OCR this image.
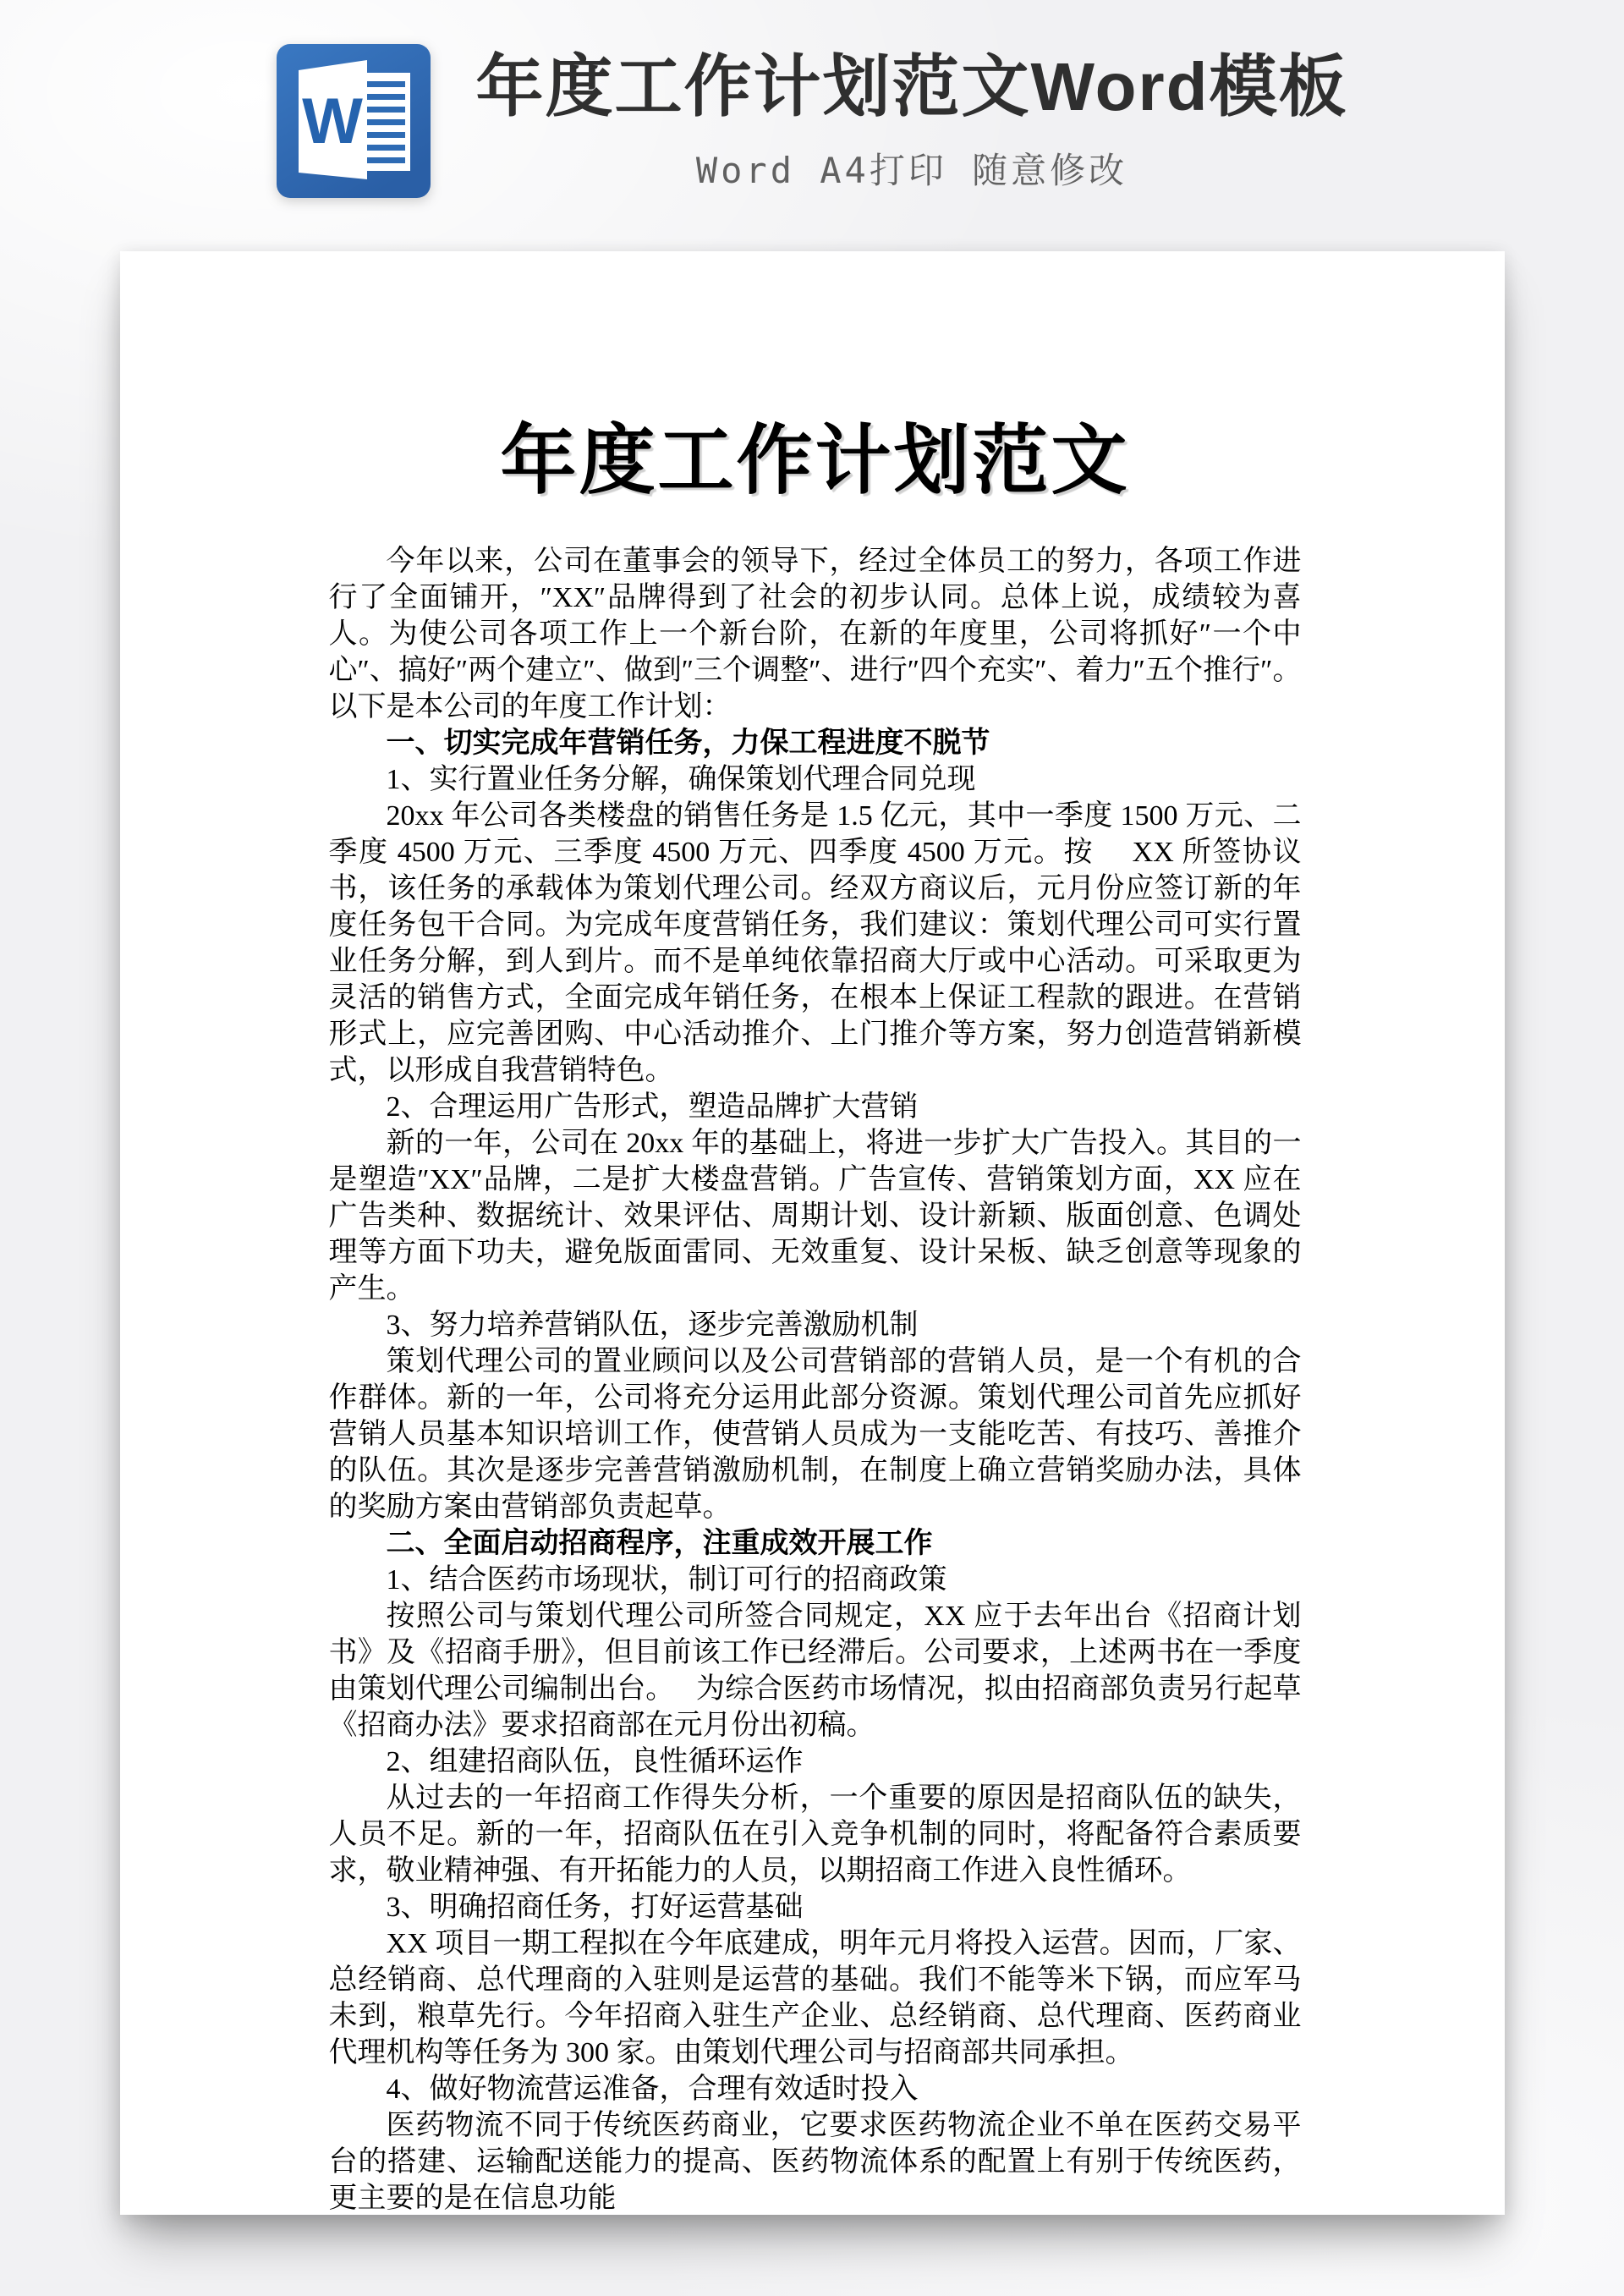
W 年度工作计划范文Word模板
Word A4打印 随意修改
年度工作计划范文

今年以来，公司在董事会的领导下，经过全体员工的努力，各项工作进行了全面铺开，″XX″品牌得到了社会的初步认同。总体上说，成绩较为喜人。为使公司各项工作上一个新台阶，在新的年度里，公司将抓好″一个中心″、搞好″两个建立″、做到″三个调整″、进行″四个充实″、着力″五个推行″。以下是本公司的年度工作计划：

一、切实完成年营销任务，力保工程进度不脱节

1、实行置业任务分解，确保策划代理合同兑现

20xx 年公司各类楼盘的销售任务是 1.5 亿元，其中一季度 1500 万元、二季度 4500 万元、三季度 4500 万元、四季度 4500 万元。按　 XX 所签协议书，该任务的承载体为策划代理公司。经双方商议后，元月份应签订新的年度任务包干合同。为完成年度营销任务，我们建议：策划代理公司可实行置业任务分解，到人到片。而不是单纯依靠招商大厅或中心活动。可采取更为灵活的销售方式，全面完成年销任务，在根本上保证工程款的跟进。在营销形式上，应完善团购、中心活动推介、上门推介等方案，努力创造营销新模式，以形成自我营销特色。

2、合理运用广告形式，塑造品牌扩大营销

新的一年，公司在 20xx 年的基础上，将进一步扩大广告投入。其目的一是塑造″XX″品牌，二是扩大楼盘营销。广告宣传、营销策划方面，XX 应在广告类种、数据统计、效果评估、周期计划、设计新颖、版面创意、色调处理等方面下功夫，避免版面雷同、无效重复、设计呆板、缺乏创意等现象的产生。

3、努力培养营销队伍，逐步完善激励机制

策划代理公司的置业顾问以及公司营销部的营销人员，是一个有机的合作群体。新的一年，公司将充分运用此部分资源。策划代理公司首先应抓好营销人员基本知识培训工作，使营销人员成为一支能吃苦、有技巧、善推介的队伍。其次是逐步完善营销激励机制，在制度上确立营销奖励办法，具体的奖励方案由营销部负责起草。

二、全面启动招商程序，注重成效开展工作

1、结合医药市场现状，制订可行的招商政策

按照公司与策划代理公司所签合同规定，XX 应于去年出台《招商计划书》及《招商手册》，但目前该工作已经滞后。公司要求，上述两书在一季度由策划代理公司编制出台。　 为综合医药市场情况，拟由招商部负责另行起草《招商办法》要求招商部在元月份出初稿。

2、组建招商队伍，良性循环运作

从过去的一年招商工作得失分析，一个重要的原因是招商队伍的缺失，人员不足。新的一年，招商队伍在引入竞争机制的同时，将配备符合素质要求，敬业精神强、有开拓能力的人员，以期招商工作进入良性循环。

3、明确招商任务，打好运营基础

XX 项目一期工程拟在今年底建成，明年元月将投入运营。因而，厂家、总经销商、总代理商的入驻则是运营的基础。我们不能等米下锅，而应军马未到，粮草先行。今年招商入驻生产企业、总经销商、总代理商、医药商业代理机构等任务为 300 家。由策划代理公司与招商部共同承担。

4、做好物流营运准备，合理有效适时投入

医药物流不同于传统医药商业，它要求医药物流企业不单在医药交易平台的搭建、运输配送能力的提高、医药物流体系的配置上有别于传统医药，更主要的是在信息功能
